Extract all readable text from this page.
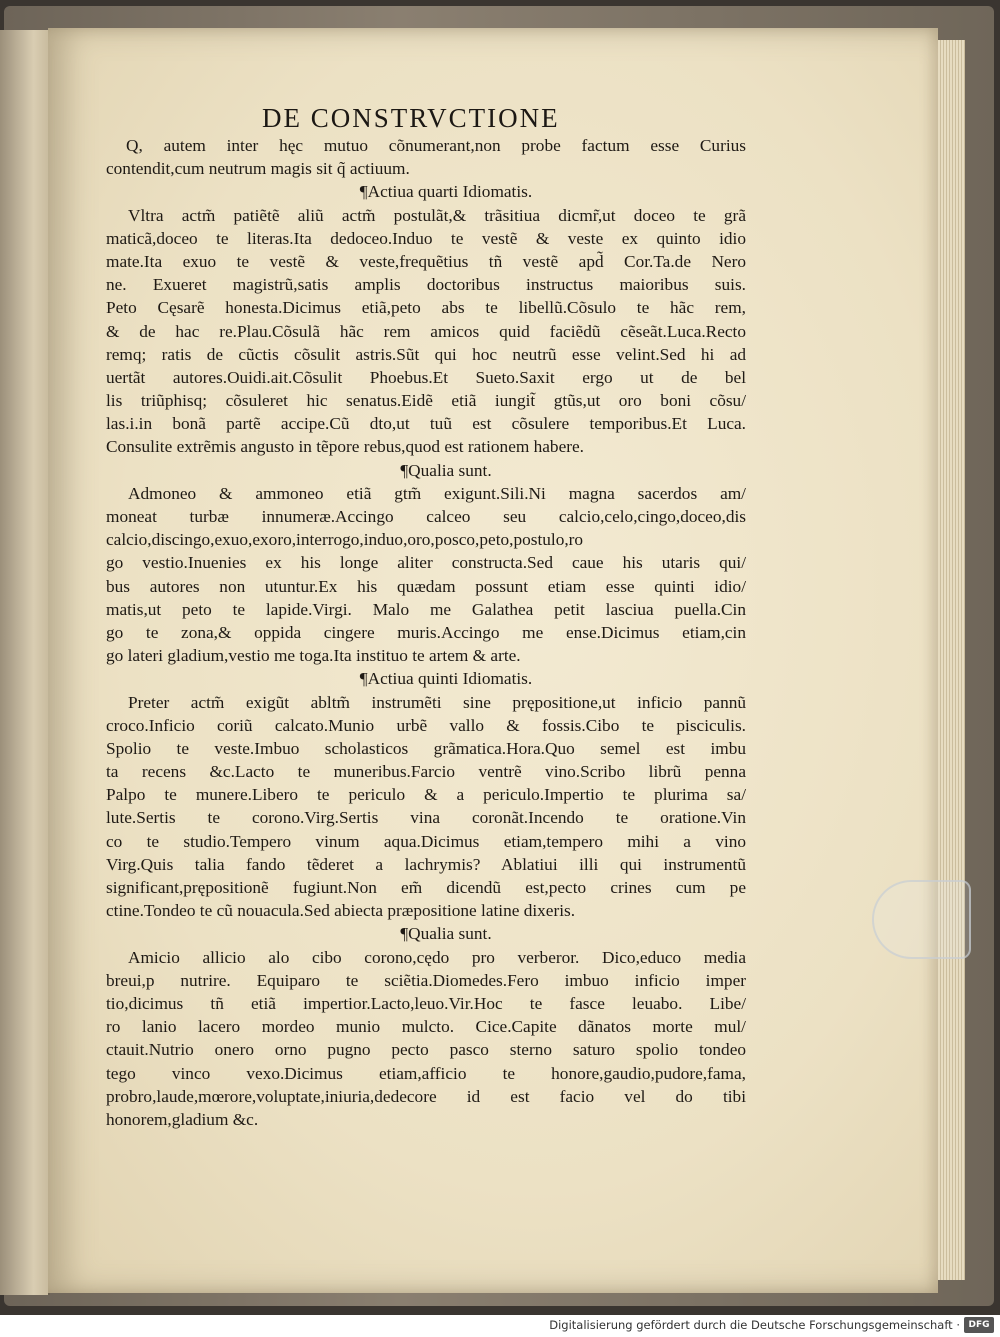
DE CONSTRVCTIONE
Q, autem inter hęc mutuo cõnumerant,non probe factum esse Curius
contendit,cum neutrum magis sit q̃ actiuum.
¶Actiua quarti Idiomatis.
Vltra actm̃ patiẽtẽ aliũ actm̃ postulãt,& trãsitiua dicmr̃,ut doceo te grã
maticã,doceo te literas.Ita dedoceo.Induo te vestẽ & veste ex quinto idio
mate.Ita exuo te vestẽ & veste,frequẽtius tñ vestẽ apd̃ Cor.Ta.de Nero
ne. Exueret magistrũ,satis amplis doctoribus instructus maioribus suis.
Peto Cęsarẽ honesta.Dicimus etiã,peto abs te libellũ.Cõsulo te hãc rem,
& de hac re.Plau.Cõsulã hãc rem amicos quid faciẽdũ cẽseãt.Luca.Recto
remq; ratis de cũctis cõsulit astris.Sũt qui hoc neutrũ esse velint.Sed hi ad
uertãt autores.Ouidi.ait.Cõsulit Phoebus.Et Sueto.Saxit ergo ut de bel
lis triũphisq; cõsuleret hic senatus.Eidẽ etiã iungit̃ gtũs,ut oro boni cõsu/
las.i.in bonã partẽ accipe.Cũ dto,ut tuũ est cõsulere temporibus.Et Luca.
Consulite extrẽmis angusto in tẽpore rebus,quod est rationem habere.
¶Qualia sunt.
Admoneo & ammoneo etiã gtm̃ exigunt.Sili.Ni magna sacerdos am/
moneat turbæ innumeræ.Accingo calceo seu calcio,celo,cingo,doceo,dis
calcio,discingo,exuo,exoro,interrogo,induo,oro,posco,peto,postulo,ro
go vestio.Inuenies ex his longe aliter constructa.Sed caue his utaris qui/
bus autores non utuntur.Ex his quædam possunt etiam esse quinti idio/
matis,ut peto te lapide.Virgi. Malo me Galathea petit lasciua puella.Cin
go te zona,& oppida cingere muris.Accingo me ense.Dicimus etiam,cin
go lateri gladium,vestio me toga.Ita instituo te artem & arte.
¶Actiua quinti Idiomatis.
Preter actm̃ exigũt abltm̃ instrumẽti sine prępositione,ut inficio pannũ
croco.Inficio coriũ calcato.Munio urbẽ vallo & fossis.Cibo te pisciculis.
Spolio te veste.Imbuo scholasticos grãmatica.Hora.Quo semel est imbu
ta recens &c.Lacto te muneribus.Farcio ventrẽ vino.Scribo librũ penna
Palpo te munere.Libero te periculo & a periculo.Impertio te plurima sa/
lute.Sertis te corono.Virg.Sertis vina coronãt.Incendo te oratione.Vin
co te studio.Tempero vinum aqua.Dicimus etiam,tempero mihi a vino
Virg.Quis talia fando tẽderet a lachrymis? Ablatiui illi qui instrumentũ
significant,prępositionẽ fugiunt.Non em̃ dicendũ est,pecto crines cum pe
ctine.Tondeo te cũ nouacula.Sed abiecta præpositione latine dixeris.
¶Qualia sunt.
Amicio allicio alo cibo corono,cędo pro verberor. Dico,educo media
breui,p nutrire. Equiparo te sciẽtia.Diomedes.Fero imbuo inficio imper
tio,dicimus tñ etiã impertior.Lacto,leuo.Vir.Hoc te fasce leuabo. Libe/
ro lanio lacero mordeo munio mulcto. Cice.Capite dãnatos morte mul/
ctauit.Nutrio onero orno pugno pecto pasco sterno saturo spolio tondeo
tego vinco vexo.Dicimus etiam,afficio te honore,gaudio,pudore,fama,
probro,laude,mœrore,voluptate,iniuria,dedecore id est facio vel do tibi
honorem,gladium &c.
Digitalisierung gefördert durch die Deutsche Forschungsgemeinschaft · DFG
